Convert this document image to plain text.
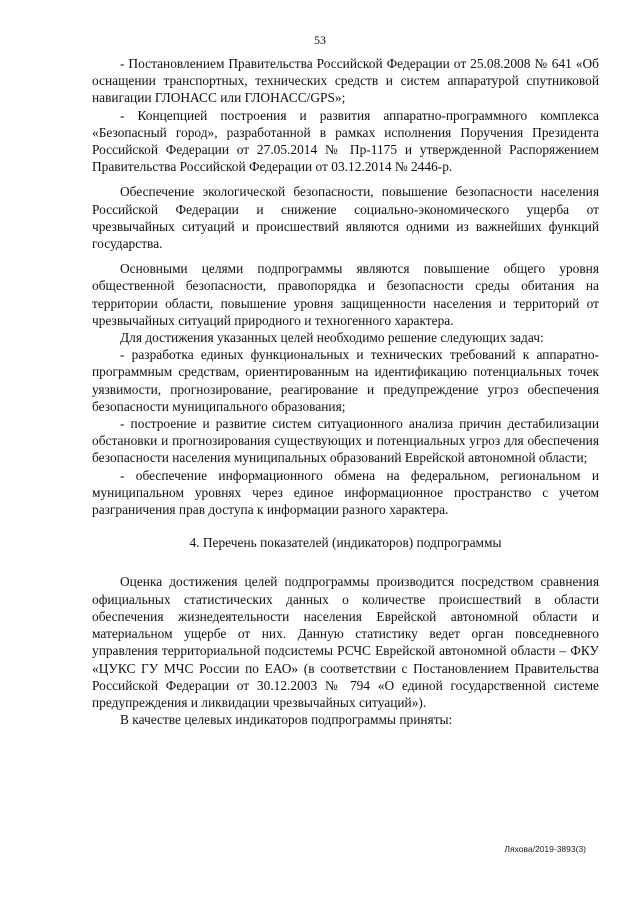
53

- Постановлением Правительства Российской Федерации от 25.08.2008 № 641 «Об оснащении транспортных, технических средств и систем аппаратурой спутниковой навигации ГЛОНАСС или ГЛОНАСС/GPS»;

- Концепцией построения и развития аппаратно-программного комплекса «Безопасный город», разработанной в рамках исполнения Поручения Президента Российской Федерации от 27.05.2014 № Пр-1175 и утвержденной Распоряжением Правительства Российской Федерации от 03.12.2014 № 2446-р.

Обеспечение экологической безопасности, повышение безопасности населения Российской Федерации и снижение социально-экономического ущерба от чрезвычайных ситуаций и происшествий являются одними из важнейших функций государства.

Основными целями подпрограммы являются повышение общего уровня общественной безопасности, правопорядка и безопасности среды обитания на территории области, повышение уровня защищенности населения и территорий от чрезвычайных ситуаций природного и техногенного характера.

Для достижения указанных целей необходимо решение следующих задач:

- разработка единых функциональных и технических требований к аппаратно-программным средствам, ориентированным на идентификацию потенциальных точек уязвимости, прогнозирование, реагирование и предупреждение угроз обеспечения безопасности муниципального образования;

- построение и развитие систем ситуационного анализа причин дестабилизации обстановки и прогнозирования существующих и потенциальных угроз для обеспечения безопасности населения муниципальных образований Еврейской автономной области;

- обеспечение информационного обмена на федеральном, региональном и муниципальном уровнях через единое информационное пространство с учетом разграничения прав доступа к информации разного характера.

4. Перечень показателей (индикаторов) подпрограммы

Оценка достижения целей подпрограммы производится посредством сравнения официальных статистических данных о количестве происшествий в области обеспечения жизнедеятельности населения Еврейской автономной области и материальном ущербе от них. Данную статистику ведет орган повседневного управления территориальной подсистемы РСЧС Еврейской автономной области – ФКУ «ЦУКС ГУ МЧС России по ЕАО» (в соответствии с Постановлением Правительства Российской Федерации от 30.12.2003 № 794 «О единой государственной системе предупреждения и ликвидации чрезвычайных ситуаций»).

В качестве целевых индикаторов подпрограммы приняты:

Ляхова/2019-3893(3)
